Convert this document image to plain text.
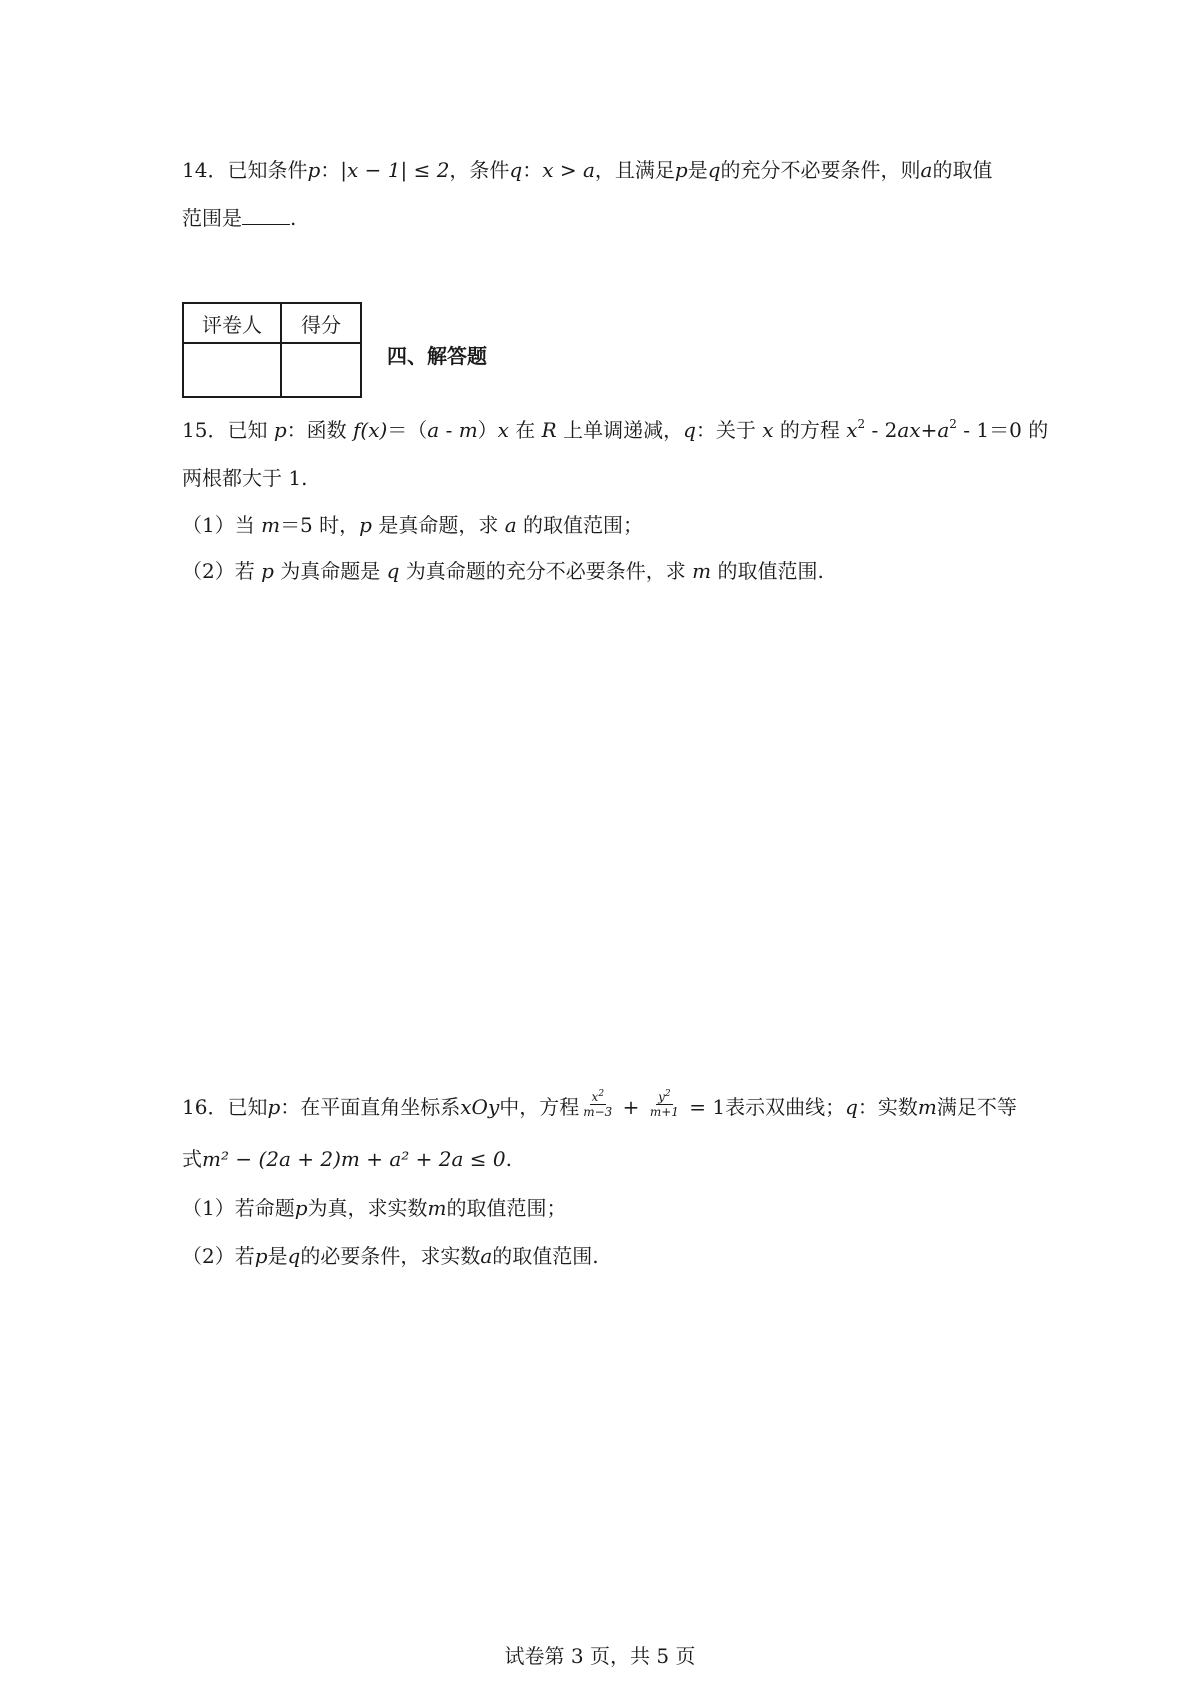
14．已知条件p：|x − 1| ≤ 2，条件q：x > a，且满足p是q的充分不必要条件，则a的取值
范围是 .
评卷人	得分

四、解答题
15．已知 p：函数 f(x)＝（a - m）x 在 R 上单调递减，q：关于 x 的方程 $x^2 - 2ax+a^2 - 1=0$ 的
两根都大于 1.
（1）当 m＝5 时，p 是真命题，求 a 的取值范围；
（2）若 p 为真命题是 q 为真命题的充分不必要条件，求 m 的取值范围.
16．已知p：在平面直角坐标系xOy中，方程 $\frac{x^2}{m-3} + \frac{y^2}{m+1} = 1$表示双曲线；q：实数m满足不等
式m² − (2a + 2)m + a² + 2a ≤ 0.
（1）若命题p为真，求实数m的取值范围；
（2）若p是q的必要条件，求实数a的取值范围.
试卷第 3 页，共 5 页
